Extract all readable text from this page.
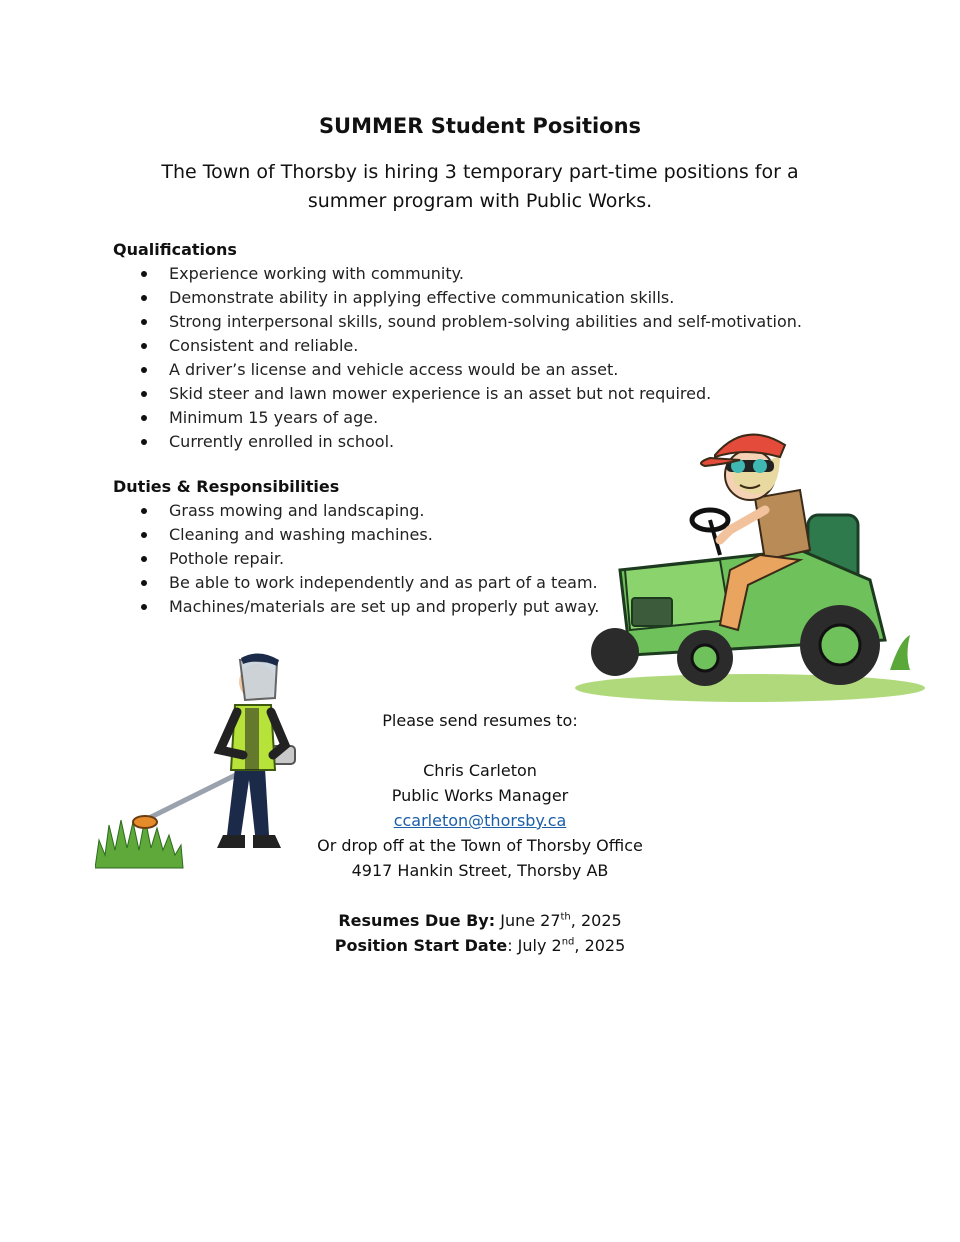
SUMMER Student Positions

The Town of Thorsby is hiring 3 temporary part-time positions for a summer program with Public Works.

Qualifications
Experience working with community.
Demonstrate ability in applying effective communication skills.
Strong interpersonal skills, sound problem-solving abilities and self-motivation.
Consistent and reliable.
A driver’s license and vehicle access would be an asset.
Skid steer and lawn mower experience is an asset but not required.
Minimum 15 years of age.
Currently enrolled in school.
Duties & Responsibilities
Grass mowing and landscaping.
Cleaning and washing machines.
Pothole repair.
Be able to work independently and as part of a team.
Machines/materials are set up and properly put away.
Please send resumes to:
Chris Carleton
Public Works Manager
ccarleton@thorsby.ca
Or drop off at the Town of Thorsby Office
4917 Hankin Street, Thorsby AB
Resumes Due By: June 27th, 2025
Position Start Date: July 2nd, 2025
